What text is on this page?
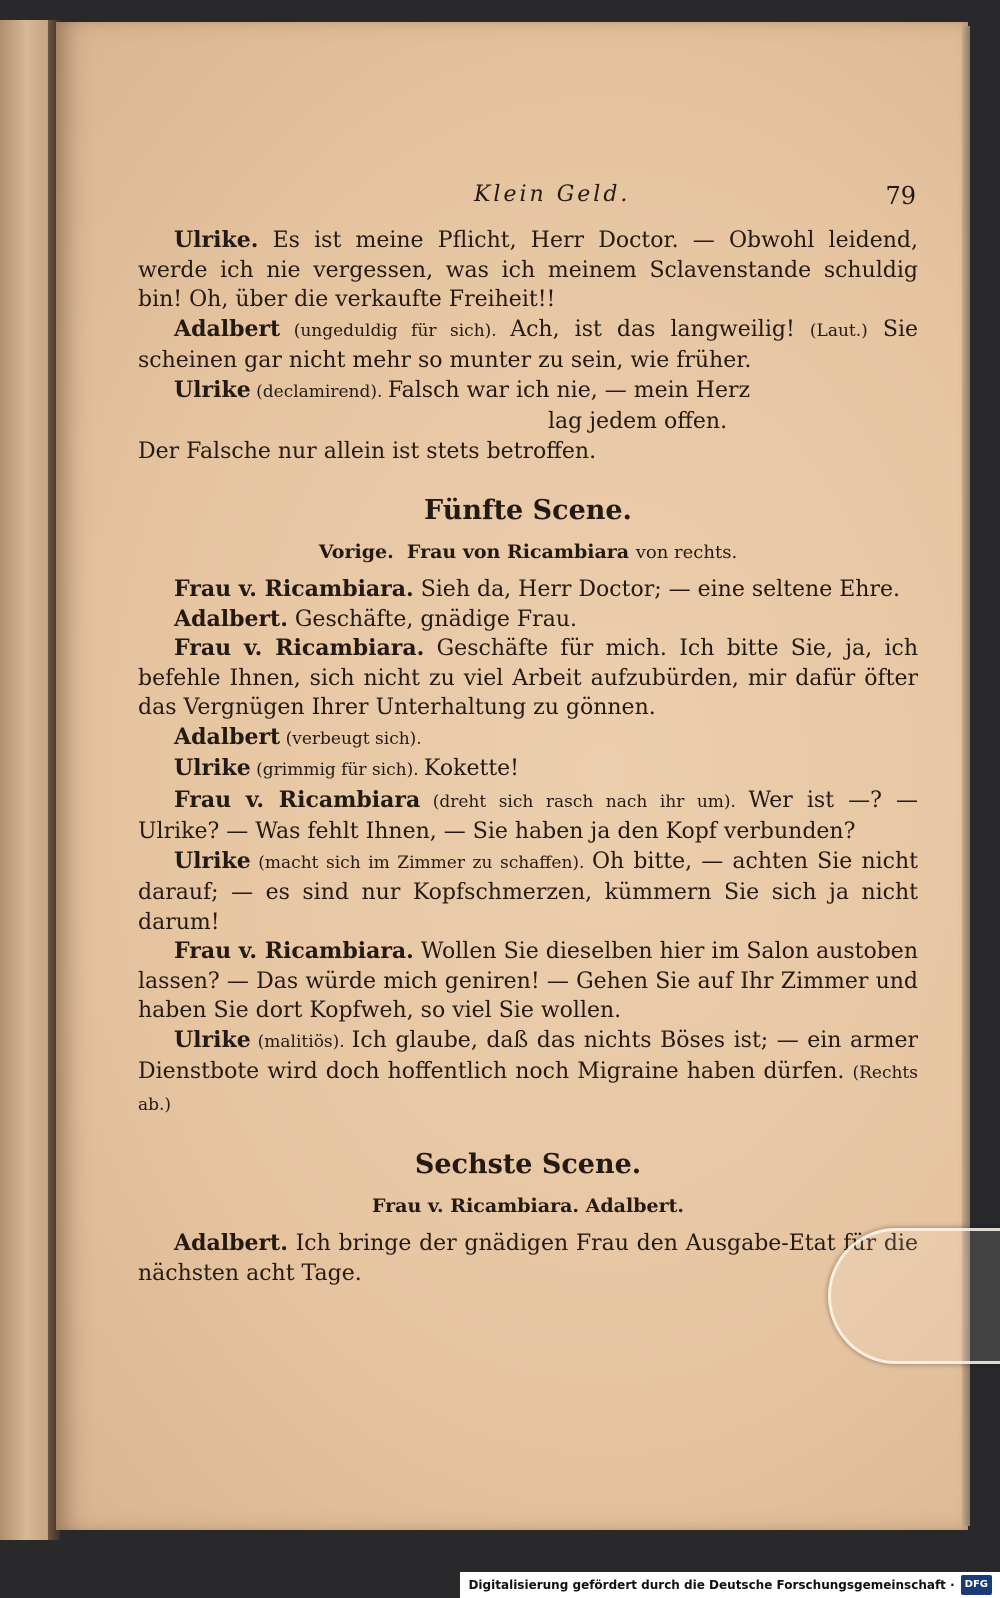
Klein Geld.	79

Ulrike. Es ist meine Pflicht, Herr Doctor. — Obwohl leidend, werde ich nie vergessen, was ich meinem Sclavenstande schuldig bin! Oh, über die verkaufte Freiheit!!

Adalbert (ungeduldig für sich). Ach, ist das langweilig! (Laut.) Sie scheinen gar nicht mehr so munter zu sein, wie früher.

Ulrike (declamirend). Falsch war ich nie, — mein Herz
lag jedem offen.

Der Falsche nur allein ist stets betroffen.

Fünfte Scene.

Vorige. Frau von Ricambiara von rechts.

Frau v. Ricambiara. Sieh da, Herr Doctor; — eine seltene Ehre.

Adalbert. Geschäfte, gnädige Frau.

Frau v. Ricambiara. Geschäfte für mich. Ich bitte Sie, ja, ich befehle Ihnen, sich nicht zu viel Arbeit aufzubürden, mir dafür öfter das Vergnügen Ihrer Unterhaltung zu gönnen.

Adalbert (verbeugt sich).

Ulrike (grimmig für sich). Kokette!

Frau v. Ricambiara (dreht sich rasch nach ihr um). Wer ist —? — Ulrike? — Was fehlt Ihnen, — Sie haben ja den Kopf verbunden?

Ulrike (macht sich im Zimmer zu schaffen). Oh bitte, — achten Sie nicht darauf; — es sind nur Kopfschmerzen, kümmern Sie sich ja nicht darum!

Frau v. Ricambiara. Wollen Sie dieselben hier im Salon austoben lassen? — Das würde mich geniren! — Gehen Sie auf Ihr Zimmer und haben Sie dort Kopfweh, so viel Sie wollen.

Ulrike (malitiös). Ich glaube, daß das nichts Böses ist; — ein armer Dienstbote wird doch hoffentlich noch Migraine haben dürfen. (Rechts ab.)

Sechste Scene.

Frau v. Ricambiara. Adalbert.

Adalbert. Ich bringe der gnädigen Frau den Ausgabe-Etat für die nächsten acht Tage.

Digitalisierung gefördert durch die Deutsche Forschungsgemeinschaft ·	DFG
